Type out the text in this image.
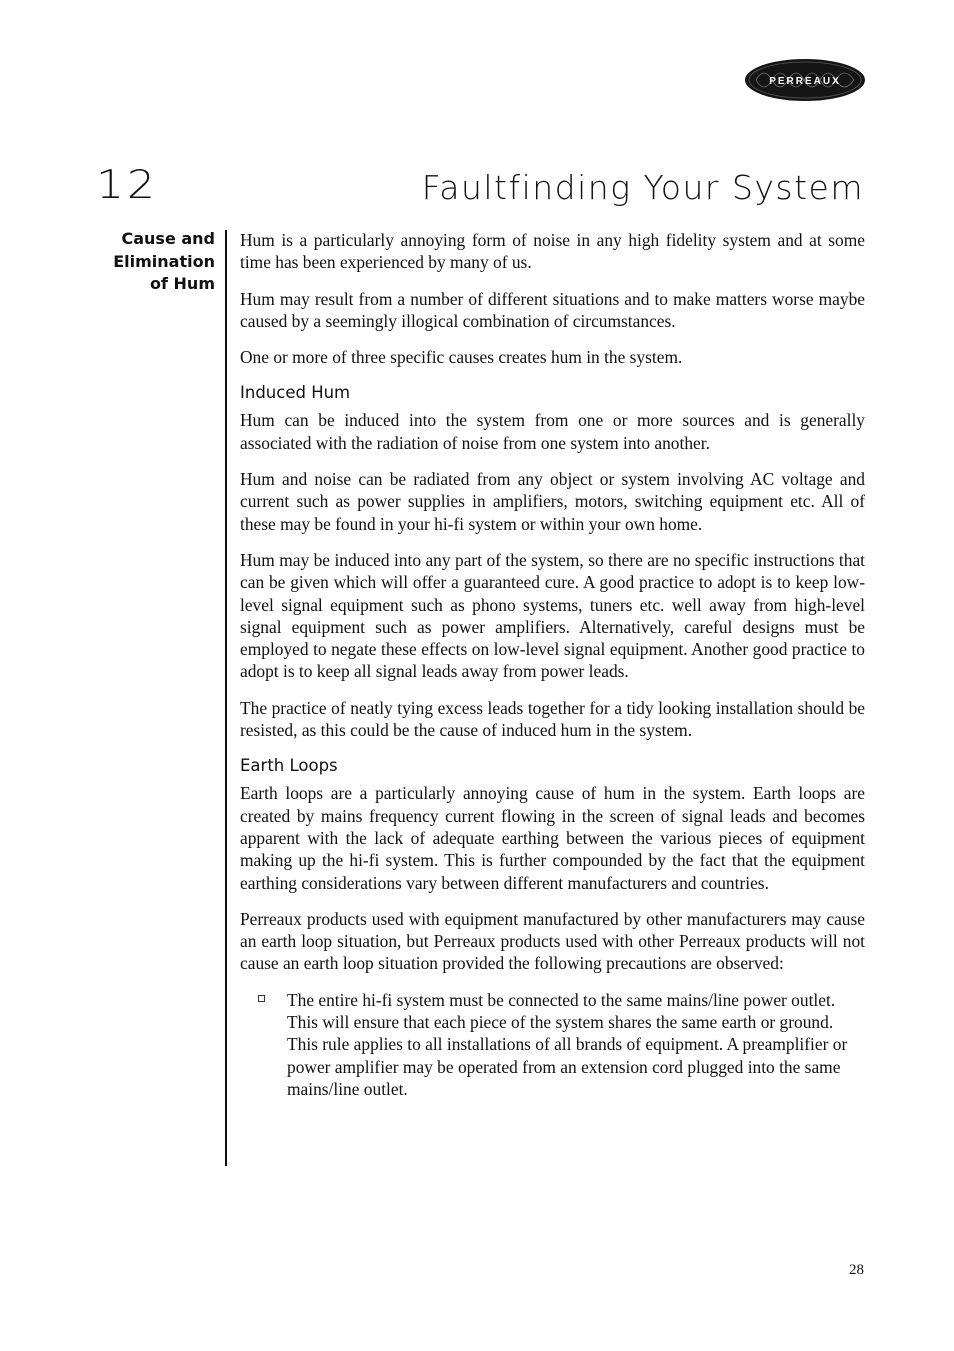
PERREAUX
12	Faultfinding Your System
Cause and
Elimination
of Hum

Hum is a particularly annoying form of noise in any high fidelity system and at some time has been experienced by many of us.

Hum may result from a number of different situations and to make matters worse maybe caused by a seemingly illogical combination of circumstances.

One or more of three specific causes creates hum in the system.

Induced Hum

Hum can be induced into the system from one or more sources and is generally associated with the radiation of noise from one system into another.

Hum and noise can be radiated from any object or system involving AC voltage and current such as power supplies in amplifiers, motors, switching equipment etc. All of these may be found in your hi-fi system or within your own home.

Hum may be induced into any part of the system, so there are no specific instructions that can be given which will offer a guaranteed cure. A good practice to adopt is to keep low-level signal equipment such as phono systems, tuners etc. well away from high-level signal equipment such as power amplifiers. Alternatively, careful designs must be employed to negate these effects on low-level signal equipment. Another good practice to adopt is to keep all signal leads away from power leads.

The practice of neatly tying excess leads together for a tidy looking installation should be resisted, as this could be the cause of induced hum in the system.

Earth Loops

Earth loops are a particularly annoying cause of hum in the system. Earth loops are created by mains frequency current flowing in the screen of signal leads and becomes apparent with the lack of adequate earthing between the various pieces of equipment making up the hi-fi system. This is further compounded by the fact that the equipment earthing considerations vary between different manufacturers and countries.

Perreaux products used with equipment manufactured by other manufacturers may cause an earth loop situation, but Perreaux products used with other Perreaux products will not cause an earth loop situation provided the following precautions are observed:

The entire hi-fi system must be connected to the same mains/line power outlet. This will ensure that each piece of the system shares the same earth or ground. This rule applies to all installations of all brands of equipment. A preamplifier or power amplifier may be operated from an extension cord plugged into the same mains/line outlet.
28
